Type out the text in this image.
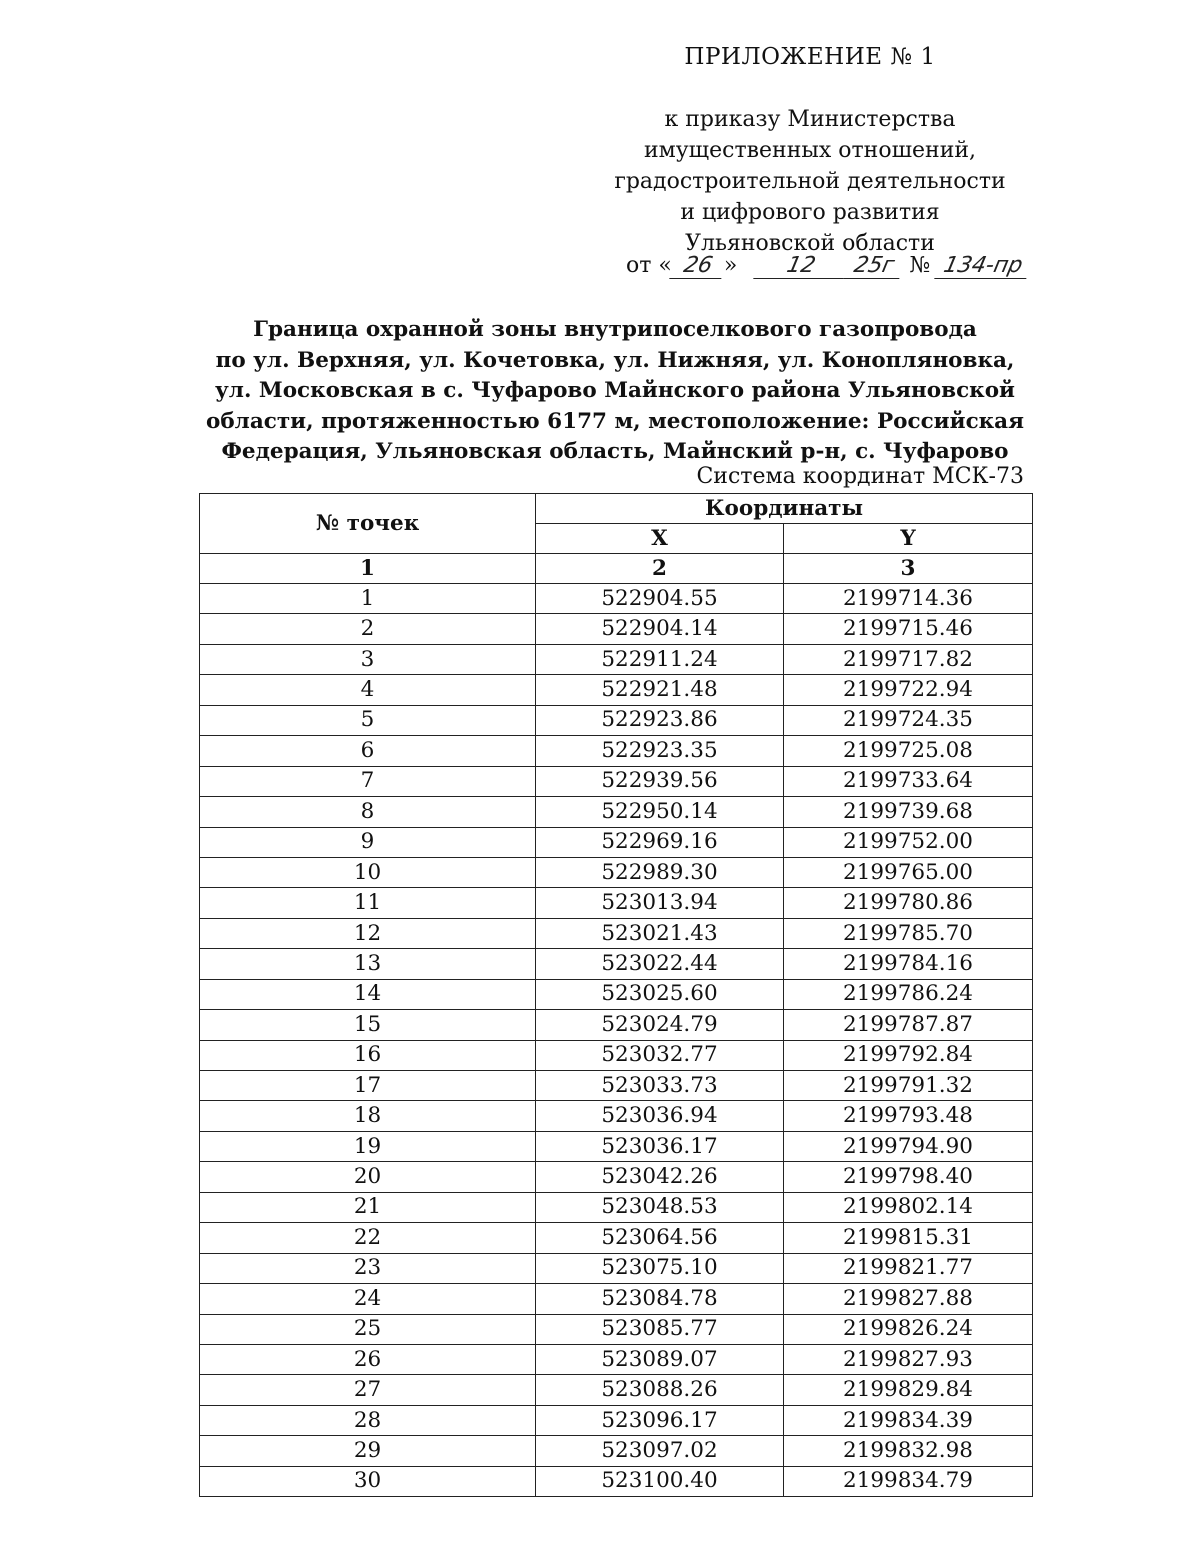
ПРИЛОЖЕНИЕ № 1
к приказу Министерства
имущественных отношений,
градостроительной деятельности
и цифрового развития
Ульяновской области
от « 26 » 12 25г № 134-пр
Граница охранной зоны внутрипоселкового газопровода
по ул. Верхняя, ул. Кочетовка, ул. Нижняя, ул. Конопляновка,
ул. Московская в с. Чуфарово Майнского района Ульяновской
области, протяженностью 6177 м, местоположение: Российская
Федерация, Ульяновская область, Майнский р-н, с. Чуфарово
Система координат МСК-73
№ точек	Координаты	
	X	Y
1	2	3
1	522904.55	2199714.36
2	522904.14	2199715.46
3	522911.24	2199717.82
4	522921.48	2199722.94
5	522923.86	2199724.35
6	522923.35	2199725.08
7	522939.56	2199733.64
8	522950.14	2199739.68
9	522969.16	2199752.00
10	522989.30	2199765.00
11	523013.94	2199780.86
12	523021.43	2199785.70
13	523022.44	2199784.16
14	523025.60	2199786.24
15	523024.79	2199787.87
16	523032.77	2199792.84
17	523033.73	2199791.32
18	523036.94	2199793.48
19	523036.17	2199794.90
20	523042.26	2199798.40
21	523048.53	2199802.14
22	523064.56	2199815.31
23	523075.10	2199821.77
24	523084.78	2199827.88
25	523085.77	2199826.24
26	523089.07	2199827.93
27	523088.26	2199829.84
28	523096.17	2199834.39
29	523097.02	2199832.98
30	523100.40	2199834.79
